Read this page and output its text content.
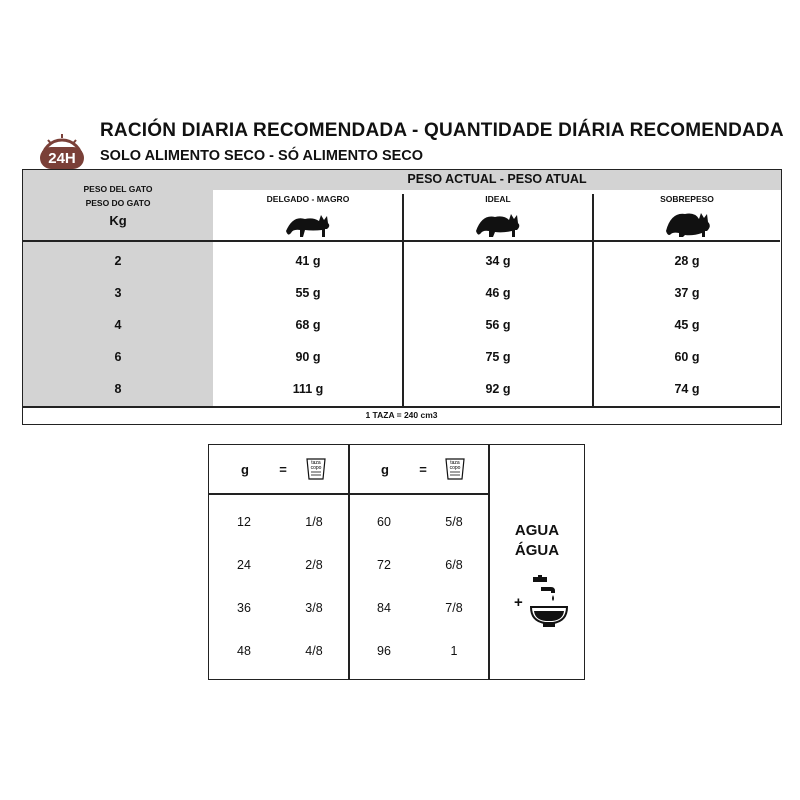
24H
RACIÓN DIARIA RECOMENDADA - QUANTIDADE DIÁRIA RECOMENDADA
SOLO ALIMENTO SECO - SÓ ALIMENTO SECO
PESO ACTUAL - PESO ATUAL
PESO DEL GATO
PESO DO GATO
Kg
DELGADO - MAGRO	IDEAL	SOBREPESO
2	41 g	34 g	28 g
3	55 g	46 g	37 g
4	68 g	56 g	45 g
6	90 g	75 g	60 g
8	111 g	92 g	74 g
1 TAZA = 240 cm3
g	=	taza
copo	g	=	taza
copo
12	1/8	60	5/8
24	2/8	72	6/8
36	3/8	84	7/8
48	4/8	96	1
AGUA
ÁGUA
+
